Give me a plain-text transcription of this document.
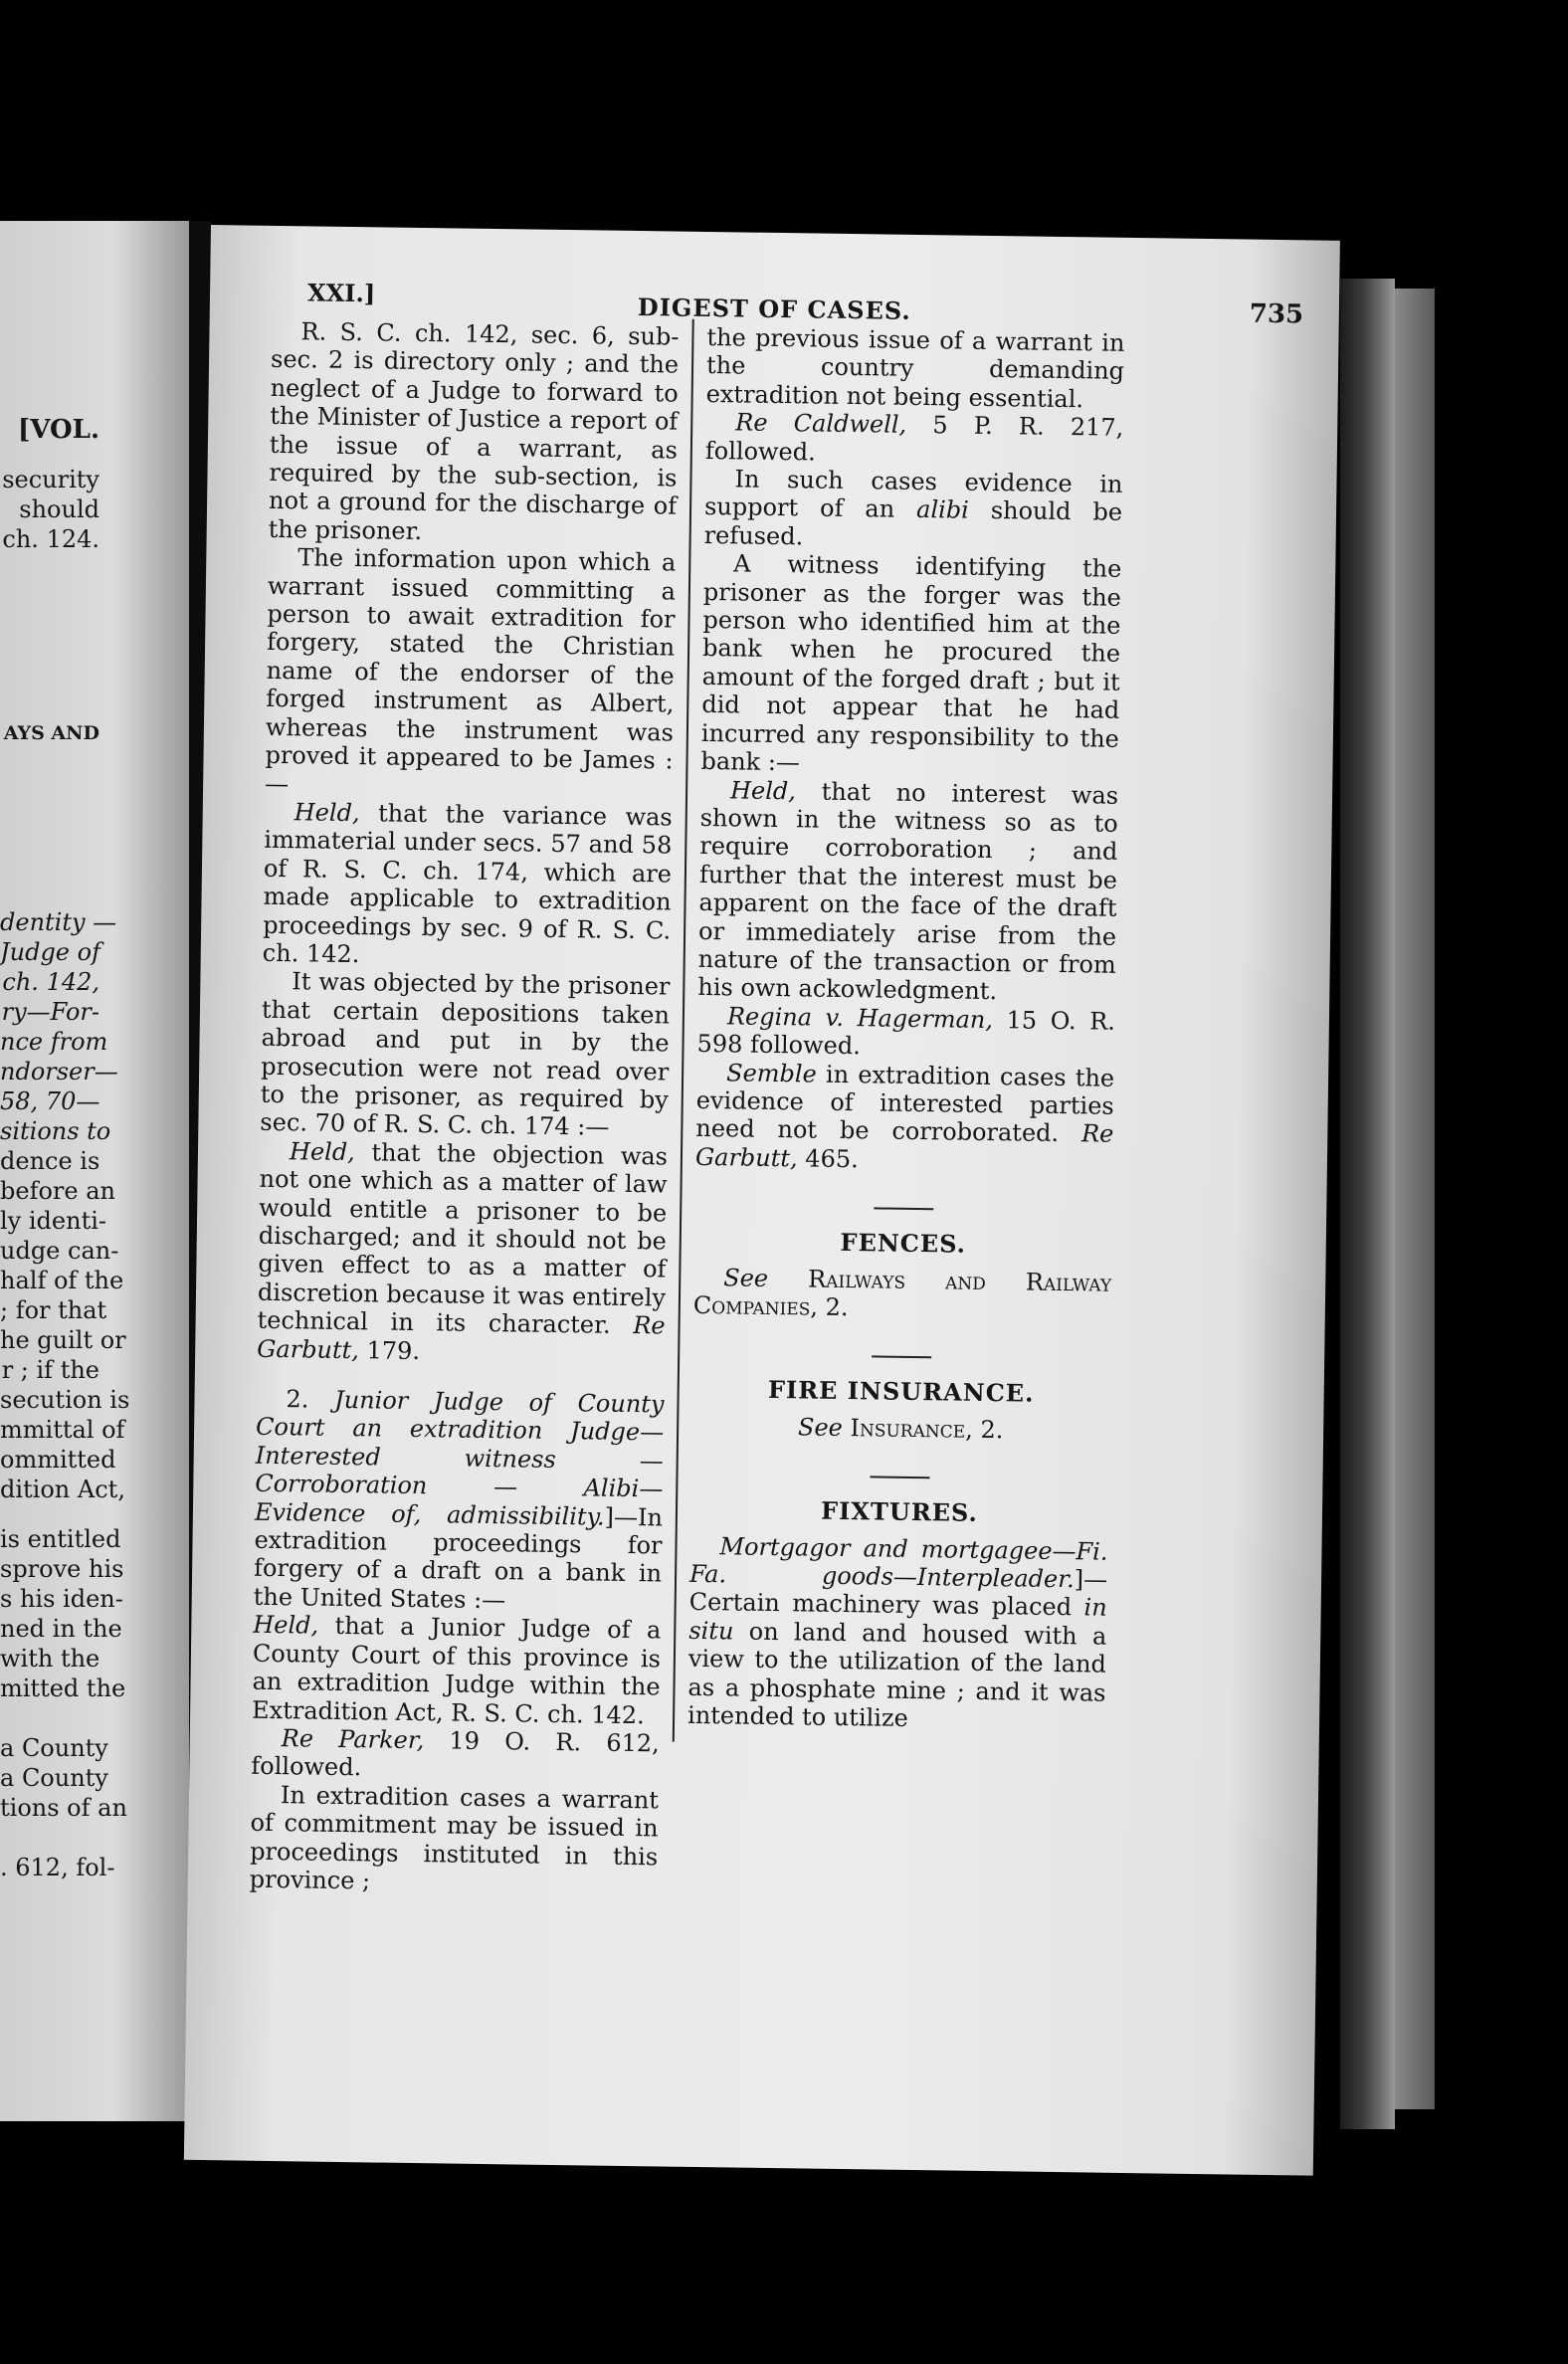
[VOL.
security
should
ch. 124.
AYS AND
dentity —
Judge of
ch. 142,
ry—For-
nce from
ndorser—
58, 70—
sitions to
dence is
before an
ly identi-
udge can-
half of the
; for that
he guilt or
r ; if the
secution is
mmittal of
ommitted
dition Act,
is entitled
sprove his
s his iden-
ned in the
with the
mitted the
a County
a County
tions of an
. 612, fol-
XXI.]	DIGEST OF CASES.	735

R. S. C. ch. 142, sec. 6, sub-sec. 2 is directory only ; and the neglect of a Judge to forward to the Minister of Justice a report of the issue of a warrant, as required by the sub-section, is not a ground for the discharge of the prisoner.

The information upon which a warrant issued committing a person to await extradition for forgery, stated the Christian name of the endorser of the forged instrument as Albert, whereas the instrument was proved it appeared to be James :—

Held, that the variance was immaterial under secs. 57 and 58 of R. S. C. ch. 174, which are made applicable to extradition proceedings by sec. 9 of R. S. C. ch. 142.

It was objected by the prisoner that certain depositions taken abroad and put in by the prosecution were not read over to the prisoner, as required by sec. 70 of R. S. C. ch. 174 :—

Held, that the objection was not one which as a matter of law would entitle a prisoner to be discharged; and it should not be given effect to as a matter of discretion because it was entirely technical in its character. Re Garbutt, 179.

2. Junior Judge of County Court an extradition Judge—Interested witness — Corroboration — Alibi— Evidence of, admissibility.]—In extradition proceedings for forgery of a draft on a bank in the United States :—

Held, that a Junior Judge of a County Court of this province is an extradition Judge within the Extradition Act, R. S. C. ch. 142.

Re Parker, 19 O. R. 612, followed.

In extradition cases a warrant of commitment may be issued in proceedings instituted in this province ;

the previous issue of a warrant in the country demanding extradition not being essential.

Re Caldwell, 5 P. R. 217, followed.

In such cases evidence in support of an alibi should be refused.

A witness identifying the prisoner as the forger was the person who identified him at the bank when he procured the amount of the forged draft ; but it did not appear that he had incurred any responsibility to the bank :—

Held, that no interest was shown in the witness so as to require corroboration ; and further that the interest must be apparent on the face of the draft or immediately arise from the nature of the transaction or from his own ackowledgment.

Regina v. Hagerman, 15 O. R. 598 followed.

Semble in extradition cases the evidence of interested parties need not be corroborated. Re Garbutt, 465.

FENCES.

See Railways and Railway Companies, 2.

FIRE INSURANCE.

See Insurance, 2.

FIXTURES.

Mortgagor and mortgagee—Fi. Fa. goods—Interpleader.]—Certain machinery was placed in situ on land and housed with a view to the utilization of the land as a phosphate mine ; and it was intended to utilize
